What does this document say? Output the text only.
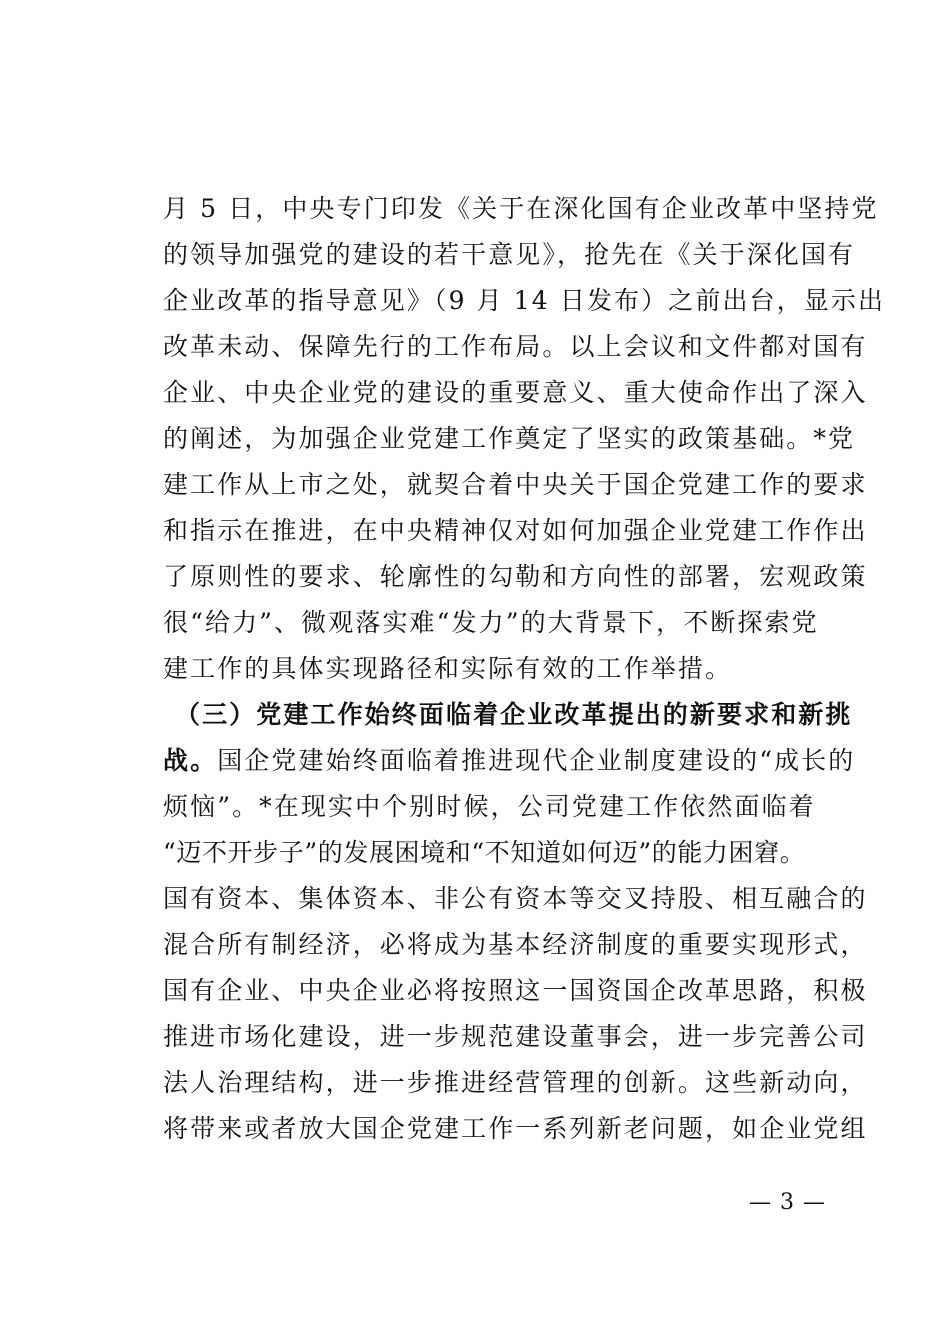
月 5 日，中央专门印发《关于在深化国有企业改革中坚持党
的领导加强党的建设的若干意见》，抢先在《关于深化国有
企业改革的指导意见》（9 月 14 日发布）之前出台，显示出
改革未动、保障先行的工作布局。以上会议和文件都对国有
企业、中央企业党的建设的重要意义、重大使命作出了深入
的阐述，为加强企业党建工作奠定了坚实的政策基础。*党
建工作从上市之处，就契合着中央关于国企党建工作的要求
和指示在推进，在中央精神仅对如何加强企业党建工作作出
了原则性的要求、轮廓性的勾勒和方向性的部署，宏观政策
很“给力”、微观落实难“发力”的大背景下，不断探索党
建工作的具体实现路径和实际有效的工作举措。
（三）党建工作始终面临着企业改革提出的新要求和新挑
战。国企党建始终面临着推进现代企业制度建设的“成长的
烦恼”。*在现实中个别时候，公司党建工作依然面临着
“迈不开步子”的发展困境和“不知道如何迈”的能力困窘。
国有资本、集体资本、非公有资本等交叉持股、相互融合的
混合所有制经济，必将成为基本经济制度的重要实现形式，
国有企业、中央企业必将按照这一国资国企改革思路，积极
推进市场化建设，进一步规范建设董事会，进一步完善公司
法人治理结构，进一步推进经营管理的创新。这些新动向，
将带来或者放大国企党建工作一系列新老问题，如企业党组
— 3 —
